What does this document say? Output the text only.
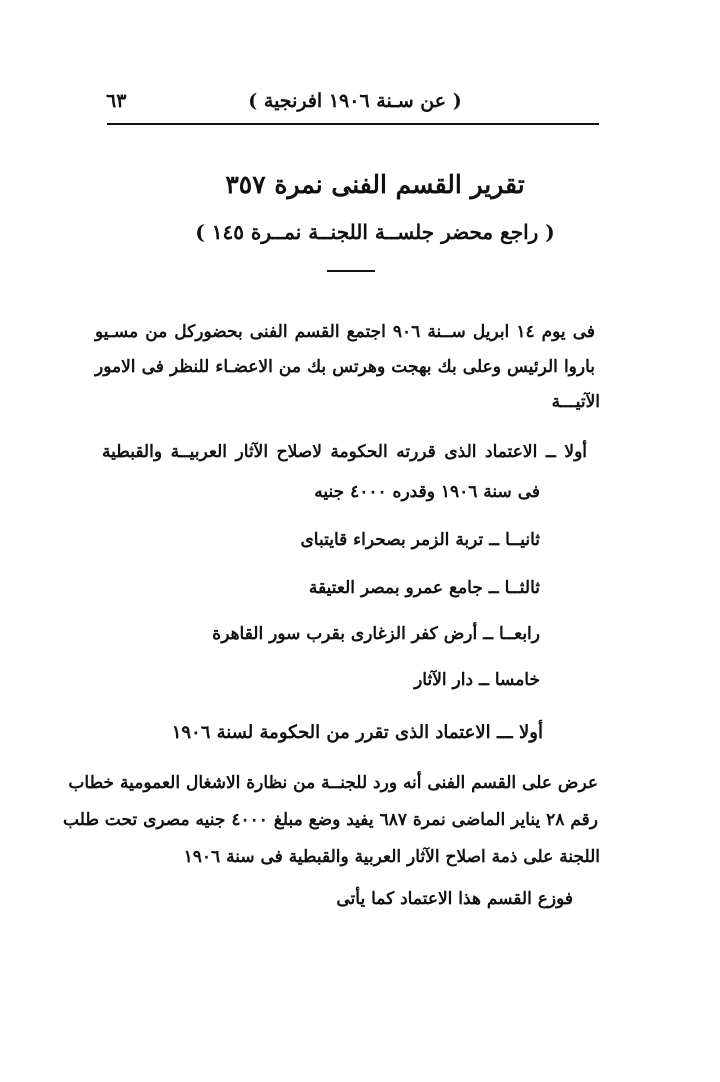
٦٣	( عن سـنة ١٩٠٦ افرنجية )
تقرير القسم الفنى نمرة ٣٥٧
( راجع محضر جلســة اللجنــة نمــرة ١٤٥ )
فى يوم ١٤ ابريل ســنة ٩٠٦ اجتمع القسم الفنى بحضوركل من مسـيو
باروا الرئيس وعلى بك بهجت وهرتس بك من الاعضـاء للنظر فى الامور
الآتيـــة
أولا ــ الاعتماد الذى قررته الحكومة لاصلاح الآثار العربيــة والقبطية
فى سنة ١٩٠٦ وقدره ٤٠٠٠ جنيه
ثانيــا ــ تربة الزمر بصحراء قايتباى
ثالثــا ــ جامع عمرو بمصر العتيقة
رابعــا ــ أرض كفر الزغارى بقرب سور القاهرة
خامسا ــ دار الآثار
أولا ـــ الاعتماد الذى تقرر من الحكومة لسنة ١٩٠٦
عرض على القسم الفنى أنه ورد للجنــة من نظارة الاشغال العمومية خطاب
رقم ٢٨ يناير الماضى نمرة ٦٨٧ يفيد وضع مبلغ ٤٠٠٠ جنيه مصرى تحت طلب
اللجنة على ذمة اصلاح الآثار العربية والقبطية فى سنة ١٩٠٦
فوزع القسم هذا الاعتماد كما يأتى
